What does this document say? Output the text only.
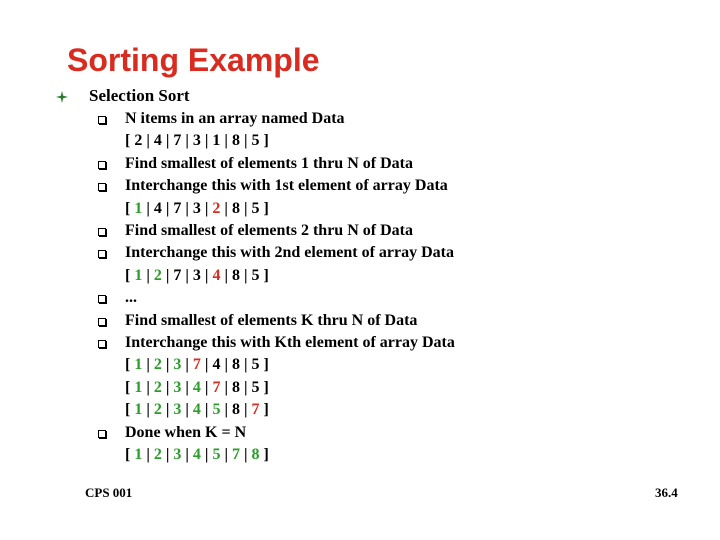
Sorting Example
Selection Sort
N items in an array named Data
[ 2 | 4 | 7 | 3 | 1 | 8 | 5 ]
Find smallest of elements 1 thru N of Data
Interchange this with 1st element of array Data
[ 1 | 4 | 7 | 3 | 2 | 8 | 5 ]
Find smallest of elements 2 thru N of Data
Interchange this with 2nd element of array Data
[ 1 | 2 | 7 | 3 | 4 | 8 | 5 ]
...
Find smallest of elements K thru N of Data
Interchange this with Kth element of array Data
[ 1 | 2 | 3 | 7 | 4 | 8 | 5 ]
[ 1 | 2 | 3 | 4 | 7 | 8 | 5 ]
[ 1 | 2 | 3 | 4 | 5 | 8 | 7 ]
Done when K = N
[ 1 | 2 | 3 | 4 | 5 | 7 | 8 ]
CPS 001	36.4
